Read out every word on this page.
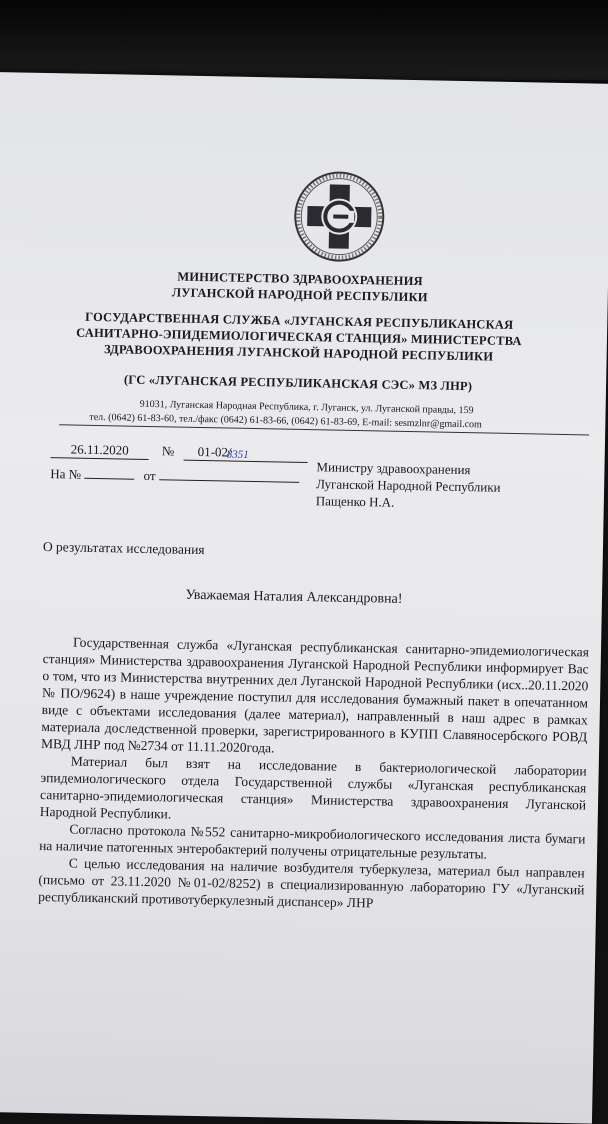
МИНИСТЕРСТВО ЗДРАВООХРАНЕНИЯ
ЛУГАНСКОЙ НАРОДНОЙ РЕСПУБЛИКИ
ГОСУДАРСТВЕННАЯ СЛУЖБА «ЛУГАНСКАЯ РЕСПУБЛИКАНСКАЯ
САНИТАРНО-ЭПИДЕМИОЛОГИЧЕСКАЯ СТАНЦИЯ» МИНИСТЕРСТВА
ЗДРАВООХРАНЕНИЯ ЛУГАНСКОЙ НАРОДНОЙ РЕСПУБЛИКИ
(ГС «ЛУГАНСКАЯ РЕСПУБЛИКАНСКАЯ СЭС» МЗ ЛНР)
91031, Луганская Народная Республика, г. Луганск, ул. Луганской правды, 159
тел. (0642) 61-83-60, тел./факс (0642) 61-83-66, (0642) 61-83-69, E-mail: sesmzlnr@gmail.com
26.11.2020	№ 01-02/
8351
На №	от	Министру здравоохранения
Луганской Народной Республики
Пащенко Н.А.
О результатах исследования
Уважаемая Наталия Александровна!

Государственная служба «Луганская республиканская санитарно-эпидемиологическая станция» Министерства здравоохранения Луганской Народной Республики информирует Вас о том, что из Министерства внутренних дел Луганской Народной Республики (исх..20.11.2020 № ПО/9624) в наше учреждение поступил для исследования бумажный пакет в опечатанном виде с объектами исследования (далее материал), направленный в наш адрес в рамках материала доследственной проверки, зарегистрированного в КУПП Славяносербского РОВД МВД ЛНР под №2734 от 11.11.2020года.

Материал был взят на исследование в бактериологической лаборатории эпидемиологического отдела Государственной службы «Луганская республиканская санитарно-эпидемиологическая станция» Министерства здравоохранения Луганской Народной Республики.

Согласно протокола №552 санитарно-микробиологического исследования листа бумаги на наличие патогенных энтеробактерий получены отрицательные результаты.

С целью исследования на наличие возбудителя туберкулеза, материал был направлен (письмо от 23.11.2020 №01-02/8252) в специализированную лабораторию ГУ «Луганский республиканский противотуберкулезный диспансер» ЛНР
